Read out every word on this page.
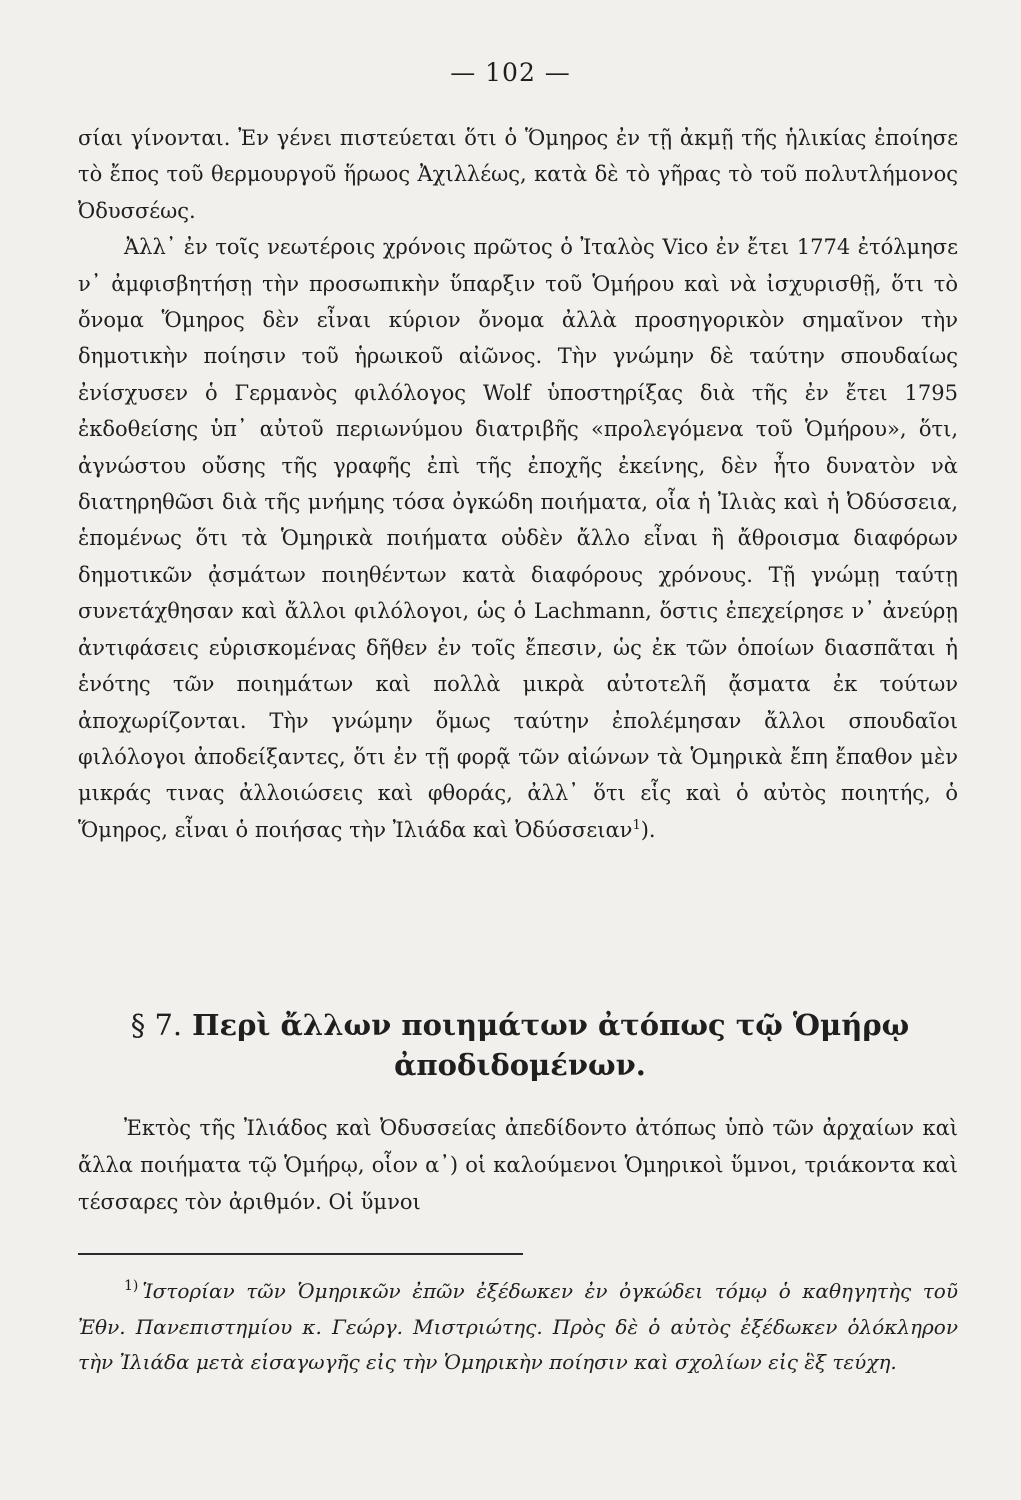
— 102 —

σίαι γίνονται. Ἐν γένει πιστεύεται ὅτι ὁ Ὅμηρος ἐν τῇ ἀκμῇ τῆς ἡλικίας ἐποίησε τὸ ἔπος τοῦ θερμουργοῦ ἥρωος Ἀχιλλέως, κατὰ δὲ τὸ γῆρας τὸ τοῦ πολυτλήμονος Ὀδυσσέως.

Ἀλλ᾽ ἐν τοῖς νεωτέροις χρόνοις πρῶτος ὁ Ἰταλὸς Vico ἐν ἔτει 1774 ἐτόλμησε ν᾽ ἀμφισβητήσῃ τὴν προσωπικὴν ὕπαρξιν τοῦ Ὁμήρου καὶ νὰ ἰσχυρισθῇ, ὅτι τὸ ὄνομα Ὅμηρος δὲν εἶναι κύριον ὄνομα ἀλλὰ προσηγορικὸν σημαῖνον τὴν δημοτικὴν ποίησιν τοῦ ἡρωικοῦ αἰῶνος. Τὴν γνώμην δὲ ταύτην σπουδαίως ἐνίσχυσεν ὁ Γερμανὸς φιλόλογος Wolf ὑποστηρίξας διὰ τῆς ἐν ἔτει 1795 ἐκδοθείσης ὑπ᾽ αὐτοῦ περιωνύμου διατριβῆς «προλεγόμενα τοῦ Ὁμήρου», ὅτι, ἀγνώστου οὔσης τῆς γραφῆς ἐπὶ τῆς ἐποχῆς ἐκείνης, δὲν ἦτο δυνατὸν νὰ διατηρηθῶσι διὰ τῆς μνήμης τόσα ὀγκώδη ποιήματα, οἷα ἡ Ἰλιὰς καὶ ἡ Ὀδύσσεια, ἑπομένως ὅτι τὰ Ὁμηρικὰ ποιήματα οὐδὲν ἄλλο εἶναι ἢ ἄθροισμα διαφόρων δημοτικῶν ᾀσμάτων ποιηθέντων κατὰ διαφόρους χρόνους. Τῇ γνώμῃ ταύτῃ συνετάχθησαν καὶ ἄλλοι φιλόλογοι, ὡς ὁ Lachmann, ὅστις ἐπεχείρησε ν᾽ ἀνεύρῃ ἀντιφάσεις εὑρισκομένας δῆθεν ἐν τοῖς ἔπεσιν, ὡς ἐκ τῶν ὁποίων διασπᾶται ἡ ἑνότης τῶν ποιημάτων καὶ πολλὰ μικρὰ αὐτοτελῆ ᾄσματα ἐκ τούτων ἀποχωρίζονται. Τὴν γνώμην ὅμως ταύτην ἐπολέμησαν ἄλλοι σπουδαῖοι φιλόλογοι ἀποδείξαντες, ὅτι ἐν τῇ φορᾷ τῶν αἰώνων τὰ Ὁμηρικὰ ἔπη ἔπαθον μὲν μικράς τινας ἀλλοιώσεις καὶ φθοράς, ἀλλ᾽ ὅτι εἷς καὶ ὁ αὐτὸς ποιητής, ὁ Ὅμηρος, εἶναι ὁ ποιήσας τὴν Ἰλιάδα καὶ Ὀδύσσειαν$^1$).

§ 7. Περὶ ἄλλων ποιημάτων ἀτόπως τῷ Ὁμήρῳ ἀποδιδομένων.
Ἐκτὸς τῆς Ἰλιάδος καὶ Ὀδυσσείας ἀπεδίδοντο ἀτόπως ὑπὸ τῶν ἀρχαίων καὶ ἄλλα ποιήματα τῷ Ὁμήρῳ, οἷον α᾽) οἱ καλούμενοι Ὁμηρικοὶ ὕμνοι, τριάκοντα καὶ τέσσαρες τὸν ἀριθμόν. Οἱ ὕμνοι
$^{1)}$ Ἱστορίαν τῶν Ὁμηρικῶν ἐπῶν ἐξέδωκεν ἐν ὀγκώδει τόμῳ ὁ καθηγητὴς τοῦ Ἐθν. Πανεπιστημίου κ. Γεώργ. Μιστριώτης. Πρὸς δὲ ὁ αὐτὸς ἐξέδωκεν ὁλόκληρον τὴν Ἰλιάδα μετὰ εἰσαγωγῆς εἰς τὴν Ὁμηρικὴν ποίησιν καὶ σχολίων εἰς ἓξ τεύχη.
